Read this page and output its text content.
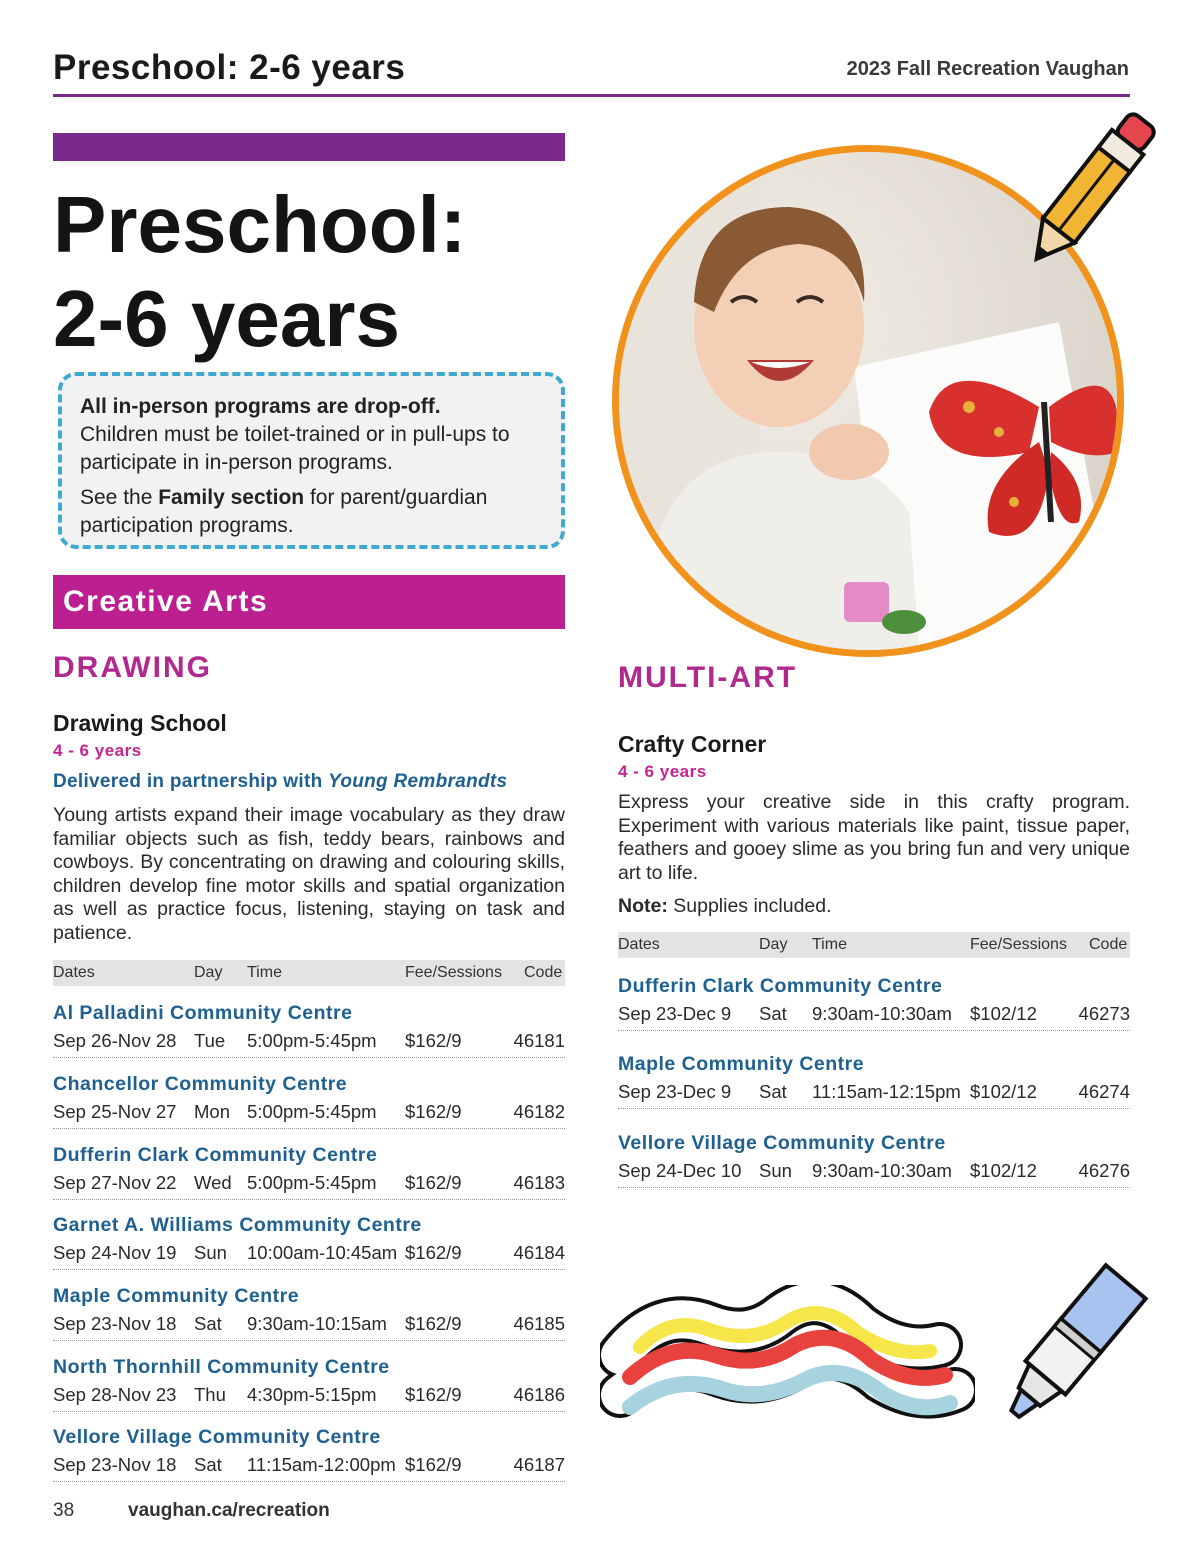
Preschool: 2-6 years	2023 Fall Recreation Vaughan
Preschool:
2-6 years

All in-person programs are drop-off.
Children must be toilet-trained or in pull-ups to participate in in-person programs.

See the Family section for parent/guardian participation programs.

Creative Arts
DRAWING
Drawing School
4 - 6 years
Delivered in partnership with Young Rembrandts
Young artists expand their image vocabulary as they draw familiar objects such as fish, teddy bears, rainbows and cowboys. By concentrating on drawing and colouring skills, children develop fine motor skills and spatial organization as well as practice focus, listening, staying on task and patience.
Dates	Day Time	Fee/Sessions Code
Al Palladini Community Centre
Sep 26-Nov 28 Tue 5:00pm-5:45pm $162/9	46181
Chancellor Community Centre
Sep 25-Nov 27 Mon 5:00pm-5:45pm $162/9	46182
Dufferin Clark Community Centre
Sep 27-Nov 22 Wed 5:00pm-5:45pm $162/9	46183
Garnet A. Williams Community Centre
Sep 24-Nov 19 Sun 10:00am-10:45am $162/9	46184
Maple Community Centre
Sep 23-Nov 18 Sat 9:30am-10:15am $162/9	46185
North Thornhill Community Centre
Sep 28-Nov 23 Thu 4:30pm-5:15pm $162/9	46186
Vellore Village Community Centre
Sep 23-Nov 18 Sat 11:15am-12:00pm $162/9	46187
MULTI-ART
Crafty Corner
4 - 6 years
Express your creative side in this crafty program. Experiment with various materials like paint, tissue paper, feathers and gooey slime as you bring fun and very unique art to life.
Note: Supplies included.
Dates	Day Time	Fee/Sessions Code
Dufferin Clark Community Centre
Sep 23-Dec 9 Sat 9:30am-10:30am $102/12 46273
Maple Community Centre
Sep 23-Dec 9 Sat 11:15am-12:15pm $102/12 46274
Vellore Village Community Centre
Sep 24-Dec 10 Sun 9:30am-10:30am $102/12 46276
38	vaughan.ca/recreation
